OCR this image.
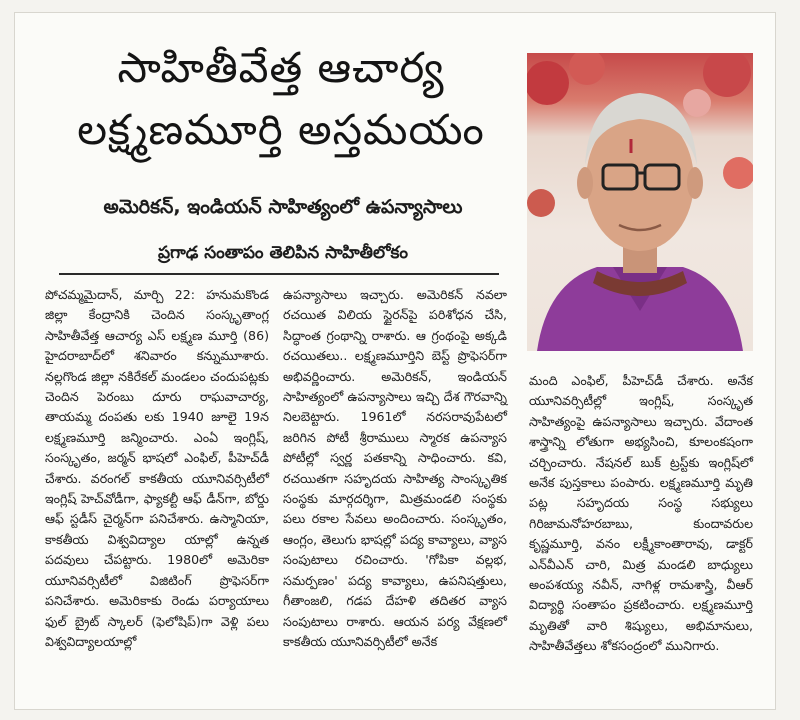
సాహితీవేత్త ఆచార్య
లక్ష్మణమూర్తి అస్తమయం
అమెరికన్, ఇండియన్ సాహిత్యంలో ఉపన్యాసాలు
ప్రగాఢ సంతాపం తెలిపిన సాహితీలోకం

పోచమ్మమైదాన్, మార్చి 22: హనుమకొండ జిల్లా కేంద్రానికి చెందిన సంస్కృతాంగ్ల సాహితీవేత్త ఆచార్య ఎస్ లక్ష్మణ మూర్తి (86) హైదరాబాద్‌లో శనివారం కన్నుమూశారు. నల్లగొండ జిల్లా నకిరేకల్ మండలం చందుపట్లకు చెందిన పెరంబు దూరు రాఘవాచార్య, తాయమ్మ దంపతు లకు 1940 జూలై 19న లక్ష్మణమూర్తి జన్మించారు. ఎంఏ ఇంగ్లిష్, సంస్కృతం, జర్మన్ భాషలో ఎంఫిల్, పీహెచ్‌డీ చేశారు. వరంగల్ కాకతీయ యూనివర్సిటీలో ఇంగ్లిష్ హెచ్‌వోడీగా, ఫ్యాకల్టీ ఆఫ్ డీన్‌గా, బోర్డు ఆఫ్ స్టడీస్ చైర్మన్‌గా పనిచేశారు. ఉస్మానియా, కాకతీయ విశ్వవిద్యాల యాల్లో ఉన్నత పదవులు చేపట్టారు. 1980లో అమెరికా యూనివర్సిటీలో విజిటింగ్ ప్రొఫెసర్‌గా పనిచేశారు. అమెరికాకు రెండు పర్యాయాలు ఫుల్ బ్రైట్ స్కాలర్ (ఫెలోషిప్)గా వెళ్లి పలు విశ్వవిద్యాలయాల్లో

ఉపన్యాసాలు ఇచ్చారు. అమెరికన్ నవలా రచయిత విలియ స్టైరన్‌పై పరిశోధన చేసి, సిద్ధాంత గ్రంథాన్ని రాశారు. ఆ గ్రంథంపై అక్కడి రచయితలు.. లక్ష్మణమూర్తిని బెస్ట్ ప్రొఫెసర్‌గా అభివర్ణించారు. అమెరికన్, ఇండియన్ సాహిత్యంలో ఉపన్యాసాలు ఇచ్చి దేశ గౌరవాన్ని నిలబెట్టారు. 1961లో నరసరావుపేటలో జరిగిన పోటీ శ్రీరాములు స్మారక ఉపన్యాస పోటీల్లో స్వర్ణ పతకాన్ని సాధించారు. కవి, రచయితగా సహృదయ సాహిత్య సాంస్కృతిక సంస్థకు మార్గదర్శిగా, మిత్రమండలి సంస్థకు పలు రకాల సేవలు అందించారు. సంస్కృతం, ఆంగ్లం, తెలుగు భాషల్లో పద్య కావ్యాలు, వ్యాస సంపుటాలు రచించారు. 'గోపికా వల్లభ, సమర్పణం' పద్య కావ్యాలు, ఉపనిషత్తులు, గీతాంజలి, గడప దేహళి తదితర వ్యాస సంపుటాలు రాశారు. ఆయన పర్య వేక్షణలో కాకతీయ యూనివర్సిటీలో అనేక

మంది ఎంఫిల్, పీహెచ్‌డీ చేశారు. అనేక యూనివర్సిటీల్లో ఇంగ్లిష్, సంస్కృత సాహిత్యంపై ఉపన్యాసాలు ఇచ్చారు. వేదాంత శాస్త్రాన్ని లోతుగా అభ్యసించి, కూలంకషంగా చర్చించారు. నేషనల్ బుక్ ట్రస్ట్‌కు ఇంగ్లిష్‌లో అనేక పుస్తకాలు పంపారు. లక్ష్మణమూర్తి మృతి పట్ల సహృదయ సంస్థ సభ్యులు గిరిజామనోహరబాబు, కుందావరుల కృష్ణమూర్తి, వనం లక్ష్మీకాంతారావు, డాక్టర్ ఎన్‌వీఎన్ చారి, మిత్ర మండలి బాధ్యులు అంపశయ్య నవీన్, నాగిళ్ల రామశాస్త్రి, వీఆర్ విద్యార్థి సంతాపం ప్రకటించారు. లక్ష్మణమూర్తి మృతితో వారి శిష్యులు, అభిమానులు, సాహితీవేత్తలు శోకసంద్రంలో మునిగారు.
